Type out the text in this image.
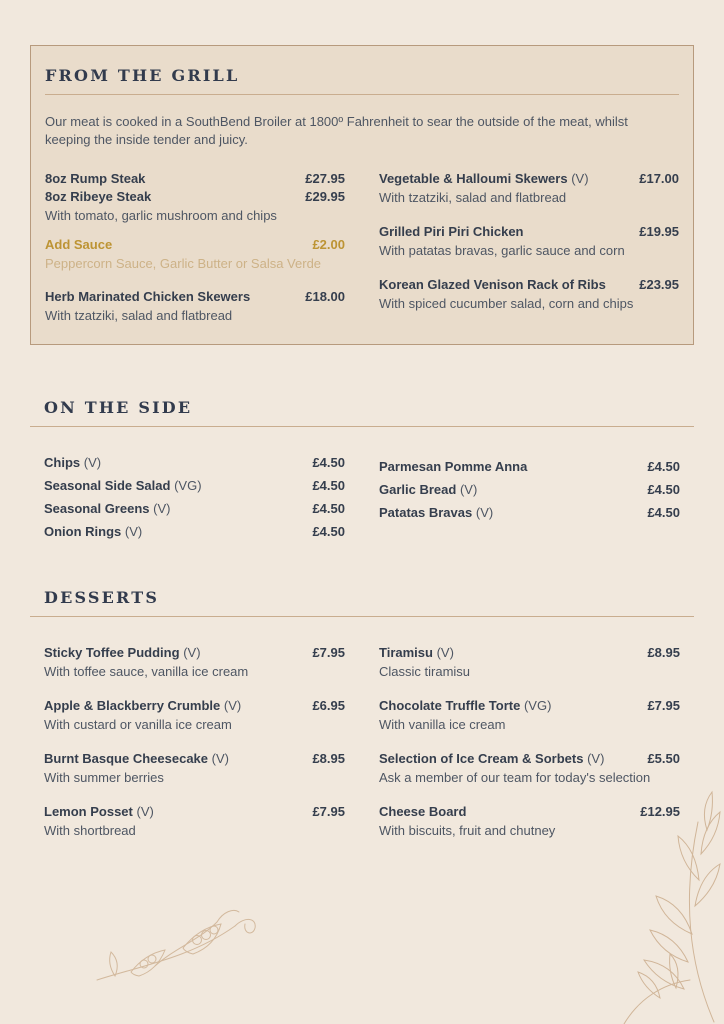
FROM THE GRILL

Our meat is cooked in a SouthBend Broiler at 1800º Fahrenheit to sear the outside of the meat, whilst keeping the inside tender and juicy.

8oz Rump Steak	£27.95
8oz Ribeye Steak	£29.95
With tomato, garlic mushroom and chips
Add Sauce	£2.00
Peppercorn Sauce, Garlic Butter or Salsa Verde
Herb Marinated Chicken Skewers	£18.00
With tzatziki, salad and flatbread
Vegetable & Halloumi Skewers (V)	£17.00
With tzatziki, salad and flatbread
Grilled Piri Piri Chicken	£19.95
With patatas bravas, garlic sauce and corn
Korean Glazed Venison Rack of Ribs	£23.95
With spiced cucumber salad, corn and chips
ON THE SIDE
Chips (V)	£4.50
Seasonal Side Salad (VG)	£4.50
Seasonal Greens (V)	£4.50
Onion Rings (V)	£4.50
Parmesan Pomme Anna	£4.50
Garlic Bread (V)	£4.50
Patatas Bravas (V)	£4.50
DESSERTS
Sticky Toffee Pudding (V)	£7.95
With toffee sauce, vanilla ice cream
Apple & Blackberry Crumble (V)	£6.95
With custard or vanilla ice cream
Burnt Basque Cheesecake (V)	£8.95
With summer berries
Lemon Posset (V)	£7.95
With shortbread
Tiramisu (V)	£8.95
Classic tiramisu
Chocolate Truffle Torte (VG)	£7.95
With vanilla ice cream
Selection of Ice Cream & Sorbets (V)	£5.50
Ask a member of our team for today's selection
Cheese Board	£12.95
With biscuits, fruit and chutney
